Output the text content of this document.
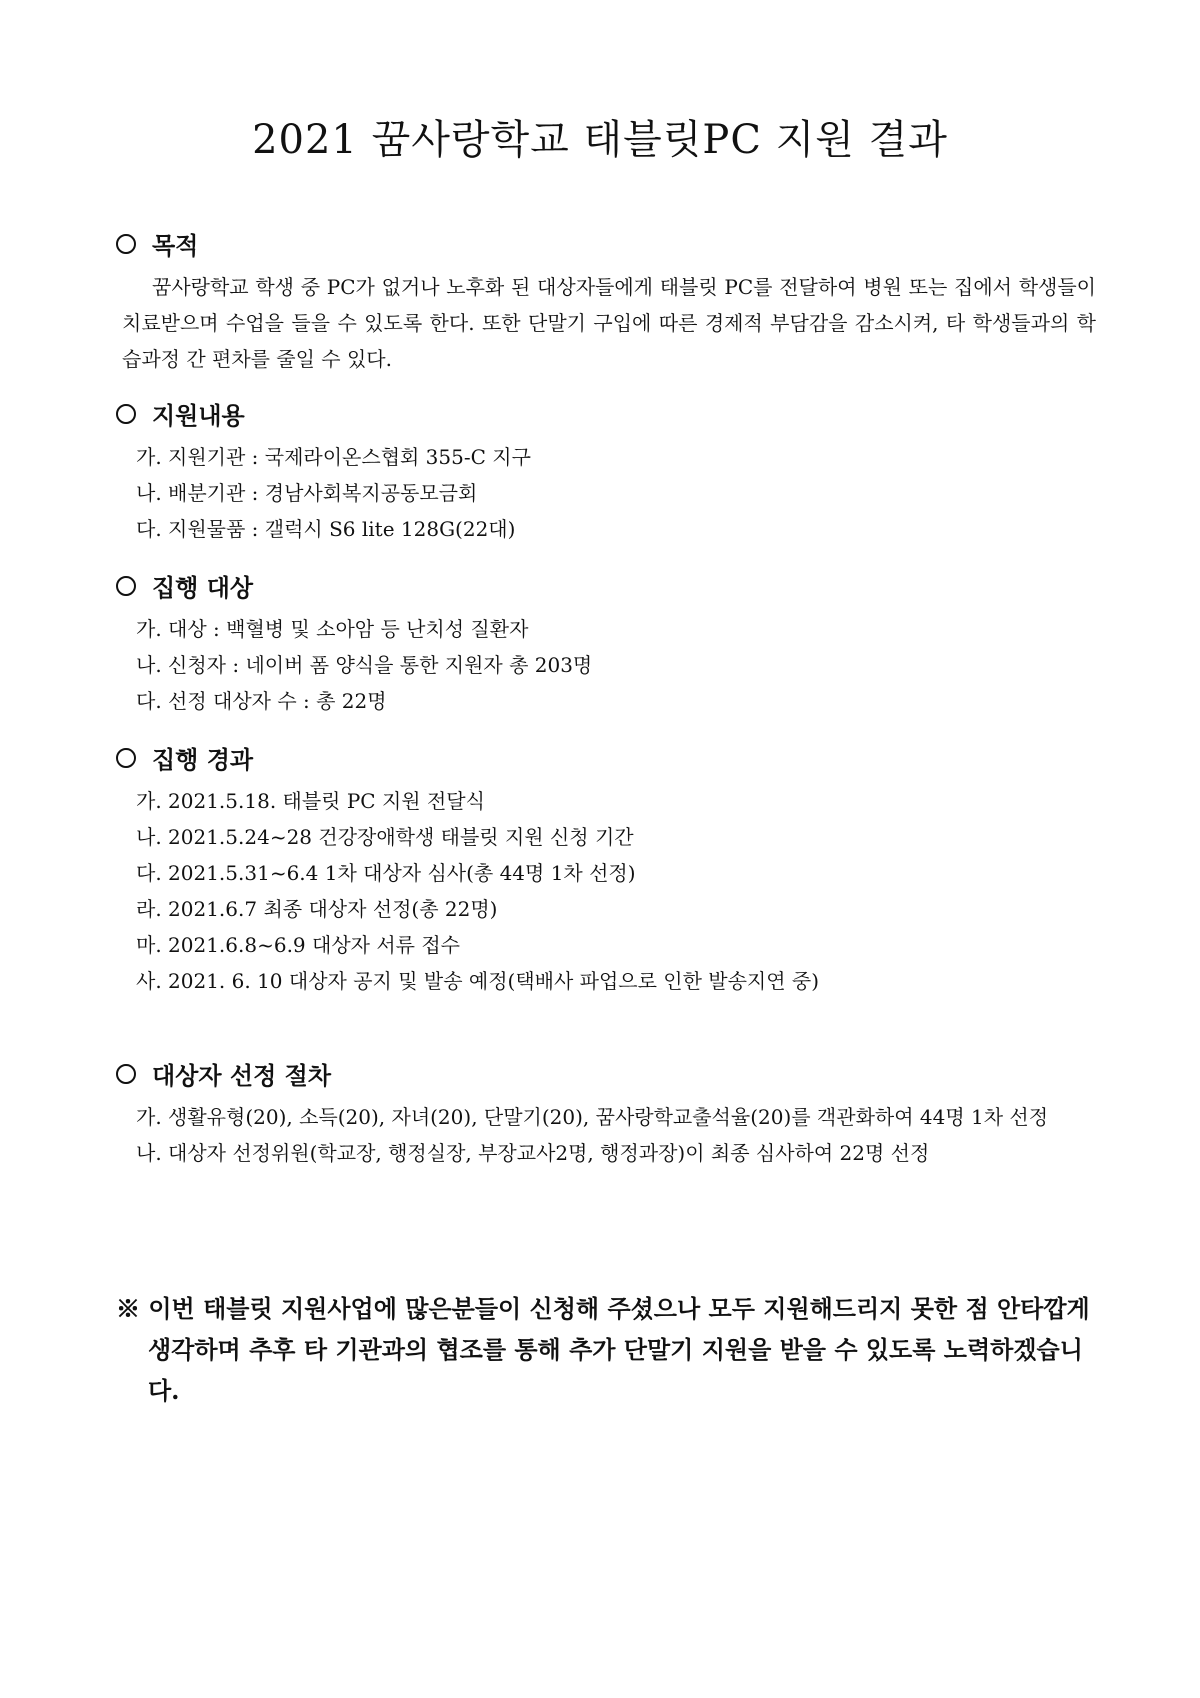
2021 꿈사랑학교 태블릿PC 지원 결과
목적

꿈사랑학교 학생 중 PC가 없거나 노후화 된 대상자들에게 태블릿 PC를 전달하여 병원 또는 집에서 학생들이 치료받으며 수업을 들을 수 있도록 한다. 또한 단말기 구입에 따른 경제적 부담감을 감소시켜, 타 학생들과의 학습과정 간 편차를 줄일 수 있다.

지원내용
가. 지원기관 : 국제라이온스협회 355-C 지구
나. 배분기관 : 경남사회복지공동모금회
다. 지원물품 : 갤럭시 S6 lite 128G(22대)
집행 대상
가. 대상 : 백혈병 및 소아암 등 난치성 질환자
나. 신청자 : 네이버 폼 양식을 통한 지원자 총 203명
다. 선정 대상자 수 : 총 22명
집행 경과
가. 2021.5.18. 태블릿 PC 지원 전달식
나. 2021.5.24~28 건강장애학생 태블릿 지원 신청 기간
다. 2021.5.31~6.4 1차 대상자 심사(총 44명 1차 선정)
라. 2021.6.7 최종 대상자 선정(총 22명)
마. 2021.6.8~6.9 대상자 서류 접수
사. 2021. 6. 10 대상자 공지 및 발송 예정(택배사 파업으로 인한 발송지연 중)
대상자 선정 절차
가. 생활유형(20), 소득(20), 자녀(20), 단말기(20), 꿈사랑학교출석율(20)를 객관화하여 44명 1차 선정
나. 대상자 선정위원(학교장, 행정실장, 부장교사2명, 행정과장)이 최종 심사하여 22명 선정

※ 이번 태블릿 지원사업에 많은분들이 신청해 주셨으나 모두 지원해드리지 못한 점 안타깝게 생각하며 추후 타 기관과의 협조를 통해 추가 단말기 지원을 받을 수 있도록 노력하겠습니다.
